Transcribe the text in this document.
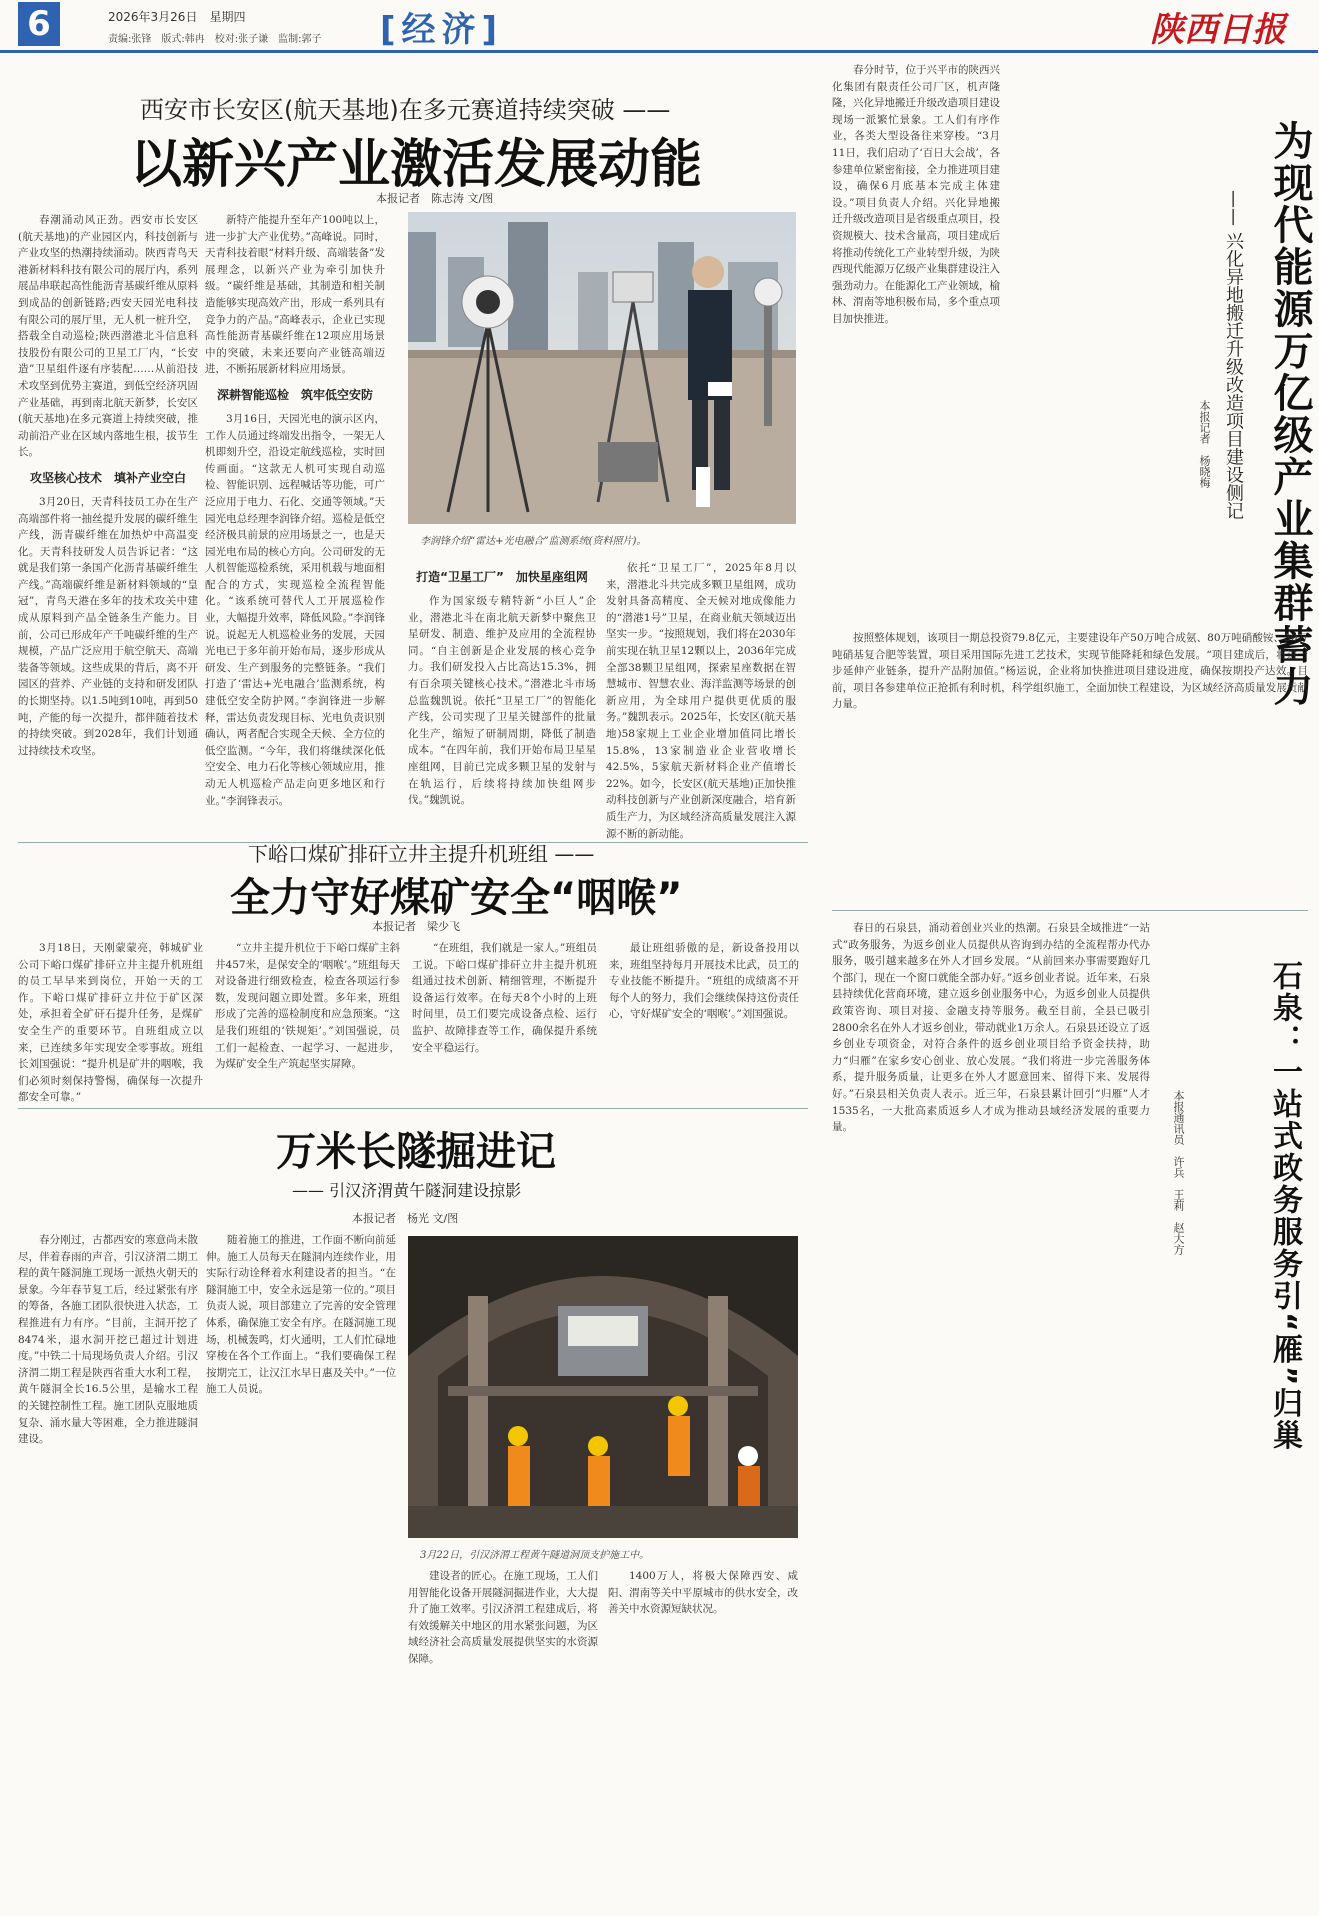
6	2026年3月26日　星期四
责编:张锋　版式:韩冉　校对:张子谦　监制:郭子 [经济]	陕西日报
西安市长安区(航天基地)在多元赛道持续突破 ——
以新兴产业激活发展动能
本报记者　陈志涛 文/图

春潮涌动风正劲。西安市长安区(航天基地)的产业园区内，科技创新与产业攻坚的热潮持续涌动。陕西青鸟天港新材料科技有限公司的展厅内，系列展品串联起高性能沥青基碳纤维从原料到成品的创新链路;西安天园光电科技有限公司的展厅里，无人机一桩升空，搭载全自动巡检;陕西潜港北斗信息科技股份有限公司的卫星工厂内，“长安造”卫星组件逐有序装配……从前沿技术攻坚到优势主赛道，到低空经济巩固产业基础，再到南北航天新梦，长安区(航天基地)在多元赛道上持续突破，推动前沿产业在区域内落地生根，拔节生长。

攻坚核心技术　填补产业空白

3月20日，天青科技员工办在生产高端部件将一抽丝提升发展的碳纤维生产线，沥青碳纤维在加热炉中高温变化。天青科技研发人员告诉记者：“这就是我们第一条国产化沥青基碳纤维生产线。”高端碳纤维是新材料领域的“皇冠”，青鸟天港在多年的技术攻关中建成从原料到产品全链条生产能力。目前，公司已形成年产千吨碳纤维的生产规模，产品广泛应用于航空航天、高端装备等领域。这些成果的背后，离不开园区的营养、产业链的支持和研发团队的长期坚持。以1.5吨到10吨，再到50吨，产能的每一次提升，都伴随着技术的持续突破。到2028年，我们计划通过持续技术攻坚。

新特产能提升至年产100吨以上，进一步扩大产业优势。”高峰说。同时，天青科技着眼“材料升级、高端装备”发展理念，以新兴产业为牵引加快升级。“碳纤维是基础，其制造和相关制造能够实现高效产出，形成一系列具有竞争力的产品。”高峰表示，企业已实现高性能沥青基碳纤维在12项应用场景中的突破，未来还要向产业链高端迈进，不断拓展新材料应用场景。

深耕智能巡检　筑牢低空安防

3月16日，天园光电的演示区内，工作人员通过终端发出指令，一架无人机即刻升空，沿设定航线巡检，实时回传画面。“这款无人机可实现自动巡检、智能识别、远程喊话等功能，可广泛应用于电力、石化、交通等领域。”天园光电总经理李润锋介绍。巡检是低空经济极具前景的应用场景之一，也是天园光电布局的核心方向。公司研发的无人机智能巡检系统，采用机载与地面相配合的方式，实现巡检全流程智能化。“该系统可替代人工开展巡检作业，大幅提升效率，降低风险。”李润锋说。说起无人机巡检业务的发展，天园光电已于多年前开始布局，逐步形成从研发、生产到服务的完整链条。“我们打造了‘雷达+光电融合’监测系统，构建低空安全防护网。”李润锋进一步解释，雷达负责发现目标、光电负责识别确认，两者配合实现全天候、全方位的低空监测。“今年，我们将继续深化低空安全、电力石化等核心领域应用，推动无人机巡检产品走向更多地区和行业。”李润锋表示。

李润锋介绍“雷达+光电融合”监测系统(资料照片)。
打造“卫星工厂”　加快星座组网

作为国家级专精特新“小巨人”企业，潜港北斗在南北航天新梦中聚焦卫星研发、制造、维护及应用的全流程协同。“自主创新是企业发展的核心竞争力。我们研发投入占比高达15.3%，拥有百余项关键核心技术。”潜港北斗市场总监魏凯说。依托“卫星工厂”的智能化产线，公司实现了卫星关键部件的批量化生产，缩短了研制周期，降低了制造成本。“在四年前，我们开始布局卫星星座组网，目前已完成多颗卫星的发射与在轨运行，后续将持续加快组网步伐。”魏凯说。

依托“卫星工厂”，2025年8月以来，潜港北斗共完成多颗卫星组网，成功发射具备高精度、全天候对地成像能力的“潜港1号”卫星，在商业航天领域迈出坚实一步。“按照规划，我们将在2030年前实现在轨卫星12颗以上，2036年完成全部38颗卫星组网，探索星座数据在智慧城市、智慧农业、海洋监测等场景的创新应用，为全球用户提供更优质的服务。”魏凯表示。2025年，长安区(航天基地)58家规上工业企业增加值同比增长15.8%，13家制造业企业营收增长42.5%，5家航天新材料企业产值增长22%。如今，长安区(航天基地)正加快推动科技创新与产业创新深度融合，培育新质生产力，为区域经济高质量发展注入源源不断的新动能。

下峪口煤矿排矸立井主提升机班组 ——
全力守好煤矿安全“咽喉”
本报记者　梁少飞

3月18日，天刚蒙蒙亮，韩城矿业公司下峪口煤矿排矸立井主提升机班组的员工早早来到岗位，开始一天的工作。下峪口煤矿排矸立井位于矿区深处，承担着全矿矸石提升任务，是煤矿安全生产的重要环节。自班组成立以来，已连续多年实现安全零事故。班组长刘国强说：“提升机是矿井的咽喉，我们必须时刻保持警惕，确保每一次提升都安全可靠。”

“立井主提升机位于下峪口煤矿主斜井457米，是保安全的‘咽喉’。”班组每天对设备进行细致检查，检查各项运行参数，发现问题立即处置。多年来，班组形成了完善的巡检制度和应急预案。“这是我们班组的‘铁规矩’。”刘国强说，员工们一起检查、一起学习、一起进步，为煤矿安全生产筑起坚实屏障。

“在班组，我们就是一家人。”班组员工说。下峪口煤矿排矸立井主提升机班组通过技术创新、精细管理，不断提升设备运行效率。在每天8个小时的上班时间里，员工们要完成设备点检、运行监护、故障排查等工作，确保提升系统安全平稳运行。

最让班组骄傲的是，新设备投用以来，班组坚持每月开展技术比武，员工的专业技能不断提升。“班组的成绩离不开每个人的努力，我们会继续保持这份责任心，守好煤矿安全的‘咽喉’。”刘国强说。

万米长隧掘进记
—— 引汉济渭黄午隧洞建设掠影
本报记者　杨光 文/图

春分刚过，古都西安的寒意尚未散尽，伴着春雨的声音，引汉济渭二期工程的黄午隧洞施工现场一派热火朝天的景象。今年春节复工后，经过紧张有序的筹备，各施工团队很快进入状态，工程推进有力有序。“目前，主洞开挖了8474米，退水洞开挖已超过计划进度。”中铁二十局现场负责人介绍。引汉济渭二期工程是陕西省重大水利工程，黄午隧洞全长16.5公里，是输水工程的关键控制性工程。施工团队克服地质复杂、涌水量大等困难，全力推进隧洞建设。

随着施工的推进，工作面不断向前延伸。施工人员每天在隧洞内连续作业，用实际行动诠释着水利建设者的担当。“在隧洞施工中，安全永远是第一位的。”项目负责人说，项目部建立了完善的安全管理体系，确保施工安全有序。在隧洞施工现场，机械轰鸣，灯火通明，工人们忙碌地穿梭在各个工作面上。“我们要确保工程按期完工，让汉江水早日惠及关中。”一位施工人员说。

3月22日，引汉济渭工程黄午隧道洞顶支护施工中。

建设者的匠心。在施工现场，工人们用智能化设备开展隧洞掘进作业，大大提升了施工效率。引汉济渭工程建成后，将有效缓解关中地区的用水紧张问题，为区域经济社会高质量发展提供坚实的水资源保障。

1400万人，将极大保障西安、咸阳、渭南等关中平原城市的供水安全，改善关中水资源短缺状况。

春分时节，位于兴平市的陕西兴化集团有限责任公司厂区，机声隆隆，兴化异地搬迁升级改造项目建设现场一派繁忙景象。工人们有序作业，各类大型设备往来穿梭。“3月11日，我们启动了‘百日大会战’，各参建单位紧密衔接，全力推进项目建设，确保6月底基本完成主体建设。”项目负责人介绍。兴化异地搬迁升级改造项目是省级重点项目，投资规模大、技术含量高，项目建成后将推动传统化工产业转型升级，为陕西现代能源万亿级产业集群建设注入强劲动力。在能源化工产业领域，榆林、渭南等地积极布局，多个重点项目加快推进。	为现代能源万亿级产业集群蓄力
—— 兴化异地搬迁升级改造项目建设侧记
本报记者　杨晓梅

按照整体规划，该项目一期总投资79.8亿元，主要建设年产50万吨合成氨、80万吨硝酸铵、30万吨硝基复合肥等装置，项目采用国际先进工艺技术，实现节能降耗和绿色发展。“项目建成后，将进一步延伸产业链条，提升产品附加值。”杨运说，企业将加快推进项目建设进度，确保按期投产达效。目前，项目各参建单位正抢抓有利时机，科学组织施工，全面加快工程建设，为区域经济高质量发展贡献力量。

春日的石泉县，涌动着创业兴业的热潮。石泉县全域推进“一站式”政务服务，为返乡创业人员提供从咨询到办结的全流程帮办代办服务，吸引越来越多在外人才回乡发展。“从前回来办事需要跑好几个部门，现在一个窗口就能全部办好。”返乡创业者说。近年来，石泉县持续优化营商环境，建立返乡创业服务中心，为返乡创业人员提供政策咨询、项目对接、金融支持等服务。截至目前，全县已吸引2800余名在外人才返乡创业，带动就业1万余人。石泉县还设立了返乡创业专项资金，对符合条件的返乡创业项目给予资金扶持，助力“归雁”在家乡安心创业、放心发展。“我们将进一步完善服务体系，提升服务质量，让更多在外人才愿意回来、留得下来、发展得好。”石泉县相关负责人表示。近三年，石泉县累计回引“归雁”人才1535名，一大批高素质返乡人才成为推动县域经济发展的重要力量。	石泉：一站式政务服务引“雁”归巢
本报通讯员　许兵　王莉　赵大方
